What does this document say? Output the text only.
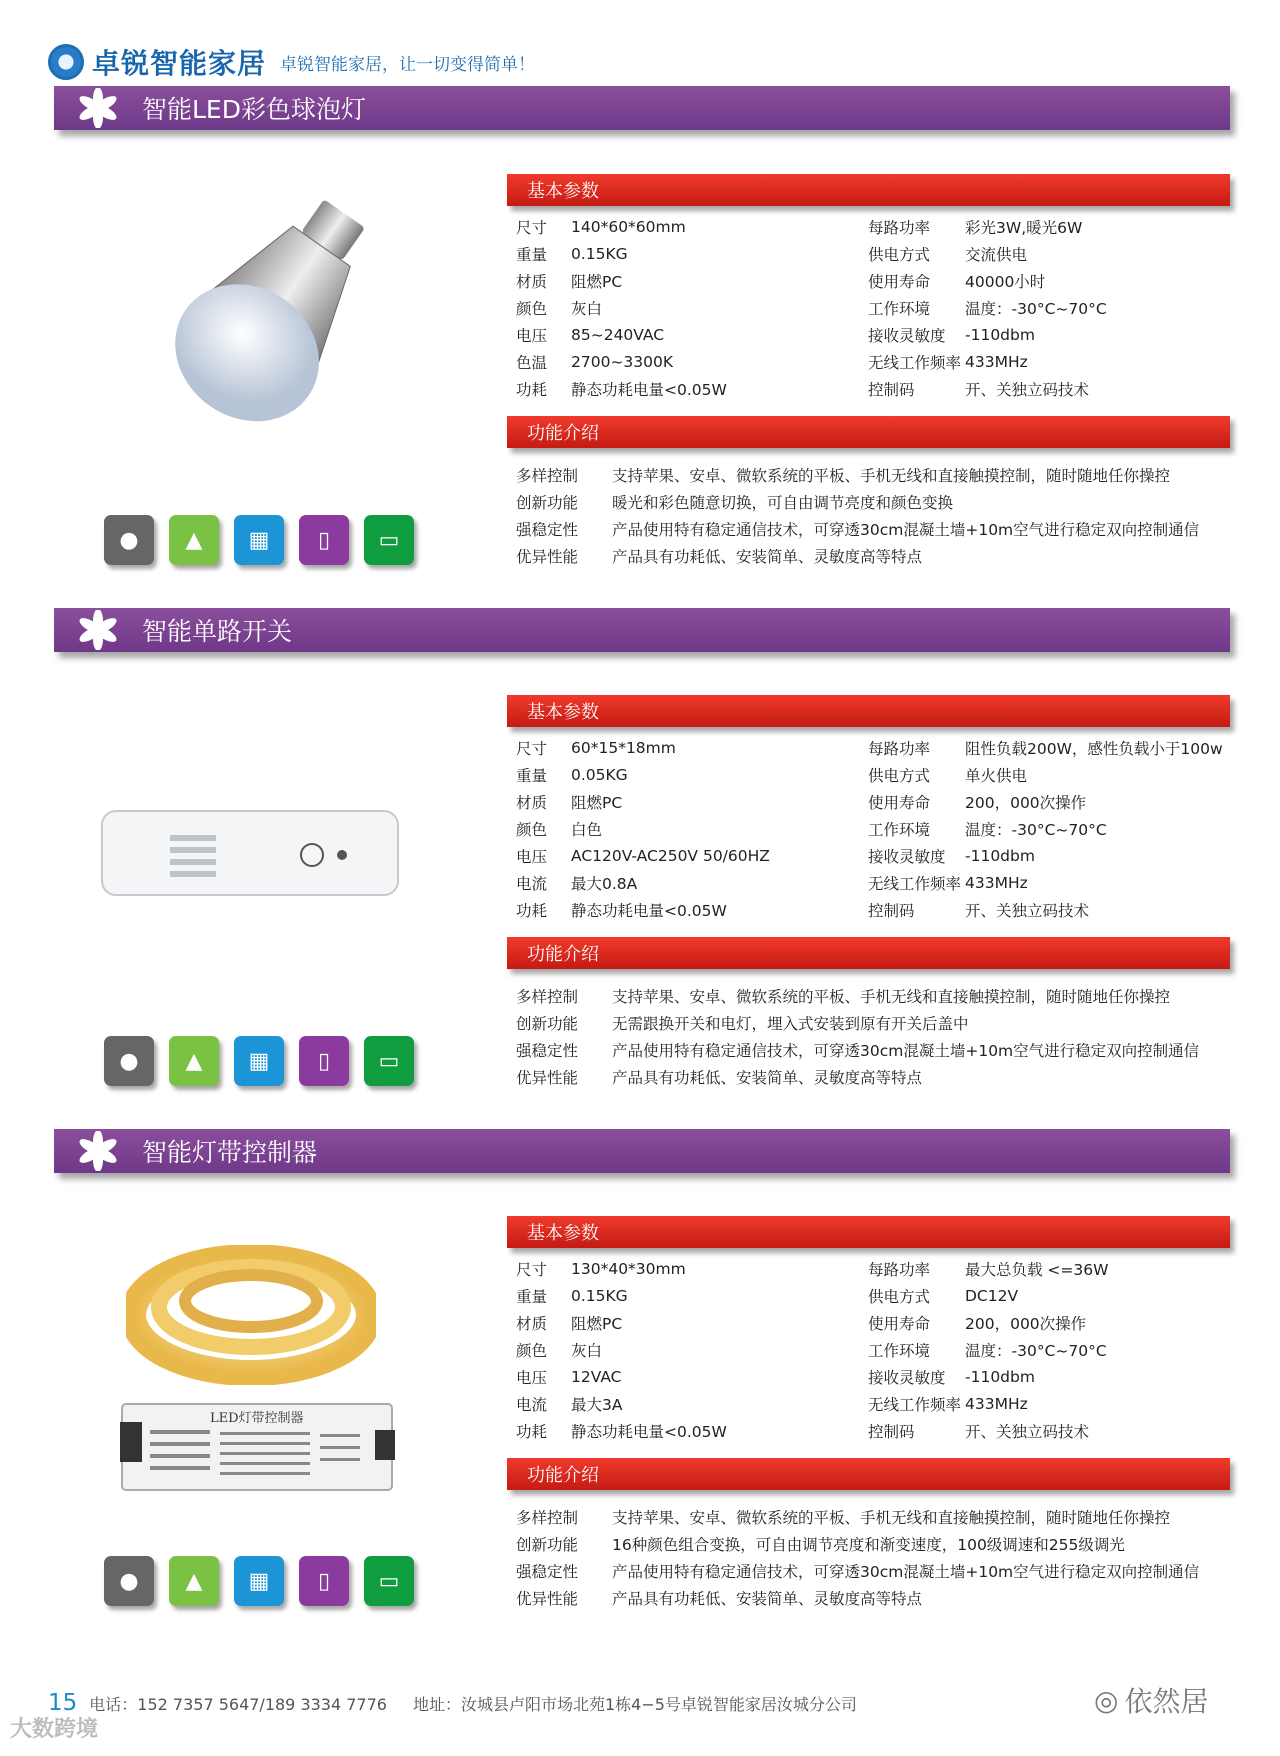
卓锐智能家居 卓锐智能家居，让一切变得简单！
智能LED彩色球泡灯
●	▲	▦	▯	▭
基本参数
尺寸	140*60*60mm	每路功率	彩光3W,暖光6W
重量	0.15KG	供电方式	交流供电
材质	阻燃PC	使用寿命	40000小时
颜色	灰白	工作环境	温度：-30°C~70°C
电压	85~240VAC	接收灵敏度	-110dbm
色温	2700~3300K	无线工作频率 433MHz
功耗	静态功耗电量<0.05W	控制码	开、关独立码技术
功能介绍
多样控制	支持苹果、安卓、微软系统的平板、手机无线和直接触摸控制，随时随地任你操控
创新功能	暖光和彩色随意切换，可自由调节亮度和颜色变换
强稳定性	产品使用特有稳定通信技术，可穿透30cm混凝土墙+10m空气进行稳定双向控制通信
优异性能	产品具有功耗低、安装简单、灵敏度高等特点
智能单路开关
●	▲	▦	▯	▭
基本参数
尺寸	60*15*18mm	每路功率	阻性负载200W，感性负载小于100w
重量	0.05KG	供电方式	单火供电
材质	阻燃PC	使用寿命	200，000次操作
颜色	白色	工作环境	温度：-30°C~70°C
电压	AC120V-AC250V 50/60HZ	接收灵敏度	-110dbm
电流	最大0.8A	无线工作频率 433MHz
功耗	静态功耗电量<0.05W	控制码	开、关独立码技术
功能介绍
多样控制	支持苹果、安卓、微软系统的平板、手机无线和直接触摸控制，随时随地任你操控
创新功能	无需跟换开关和电灯，埋入式安装到原有开关后盖中
强稳定性	产品使用特有稳定通信技术，可穿透30cm混凝土墙+10m空气进行稳定双向控制通信
优异性能	产品具有功耗低、安装简单、灵敏度高等特点
智能灯带控制器
LED灯带控制器
●	▲	▦	▯	▭
基本参数
尺寸	130*40*30mm	每路功率	最大总负载 <=36W
重量	0.15KG	供电方式	DC12V
材质	阻燃PC	使用寿命	200，000次操作
颜色	灰白	工作环境	温度：-30°C~70°C
电压	12VAC	接收灵敏度	-110dbm
电流	最大3A	无线工作频率 433MHz
功耗	静态功耗电量<0.05W	控制码	开、关独立码技术
功能介绍
多样控制	支持苹果、安卓、微软系统的平板、手机无线和直接触摸控制，随时随地任你操控
创新功能	16种颜色组合变换，可自由调节亮度和渐变速度，100级调速和255级调光
强稳定性	产品使用特有稳定通信技术，可穿透30cm混凝土墙+10m空气进行稳定双向控制通信
优异性能	产品具有功耗低、安装简单、灵敏度高等特点
15 电话：152 7357 5647/189 3334 7776 地址：汝城县卢阳市场北苑1栋4−5号卓锐智能家居汝城分公司
大数跨境
◎ 依然居
